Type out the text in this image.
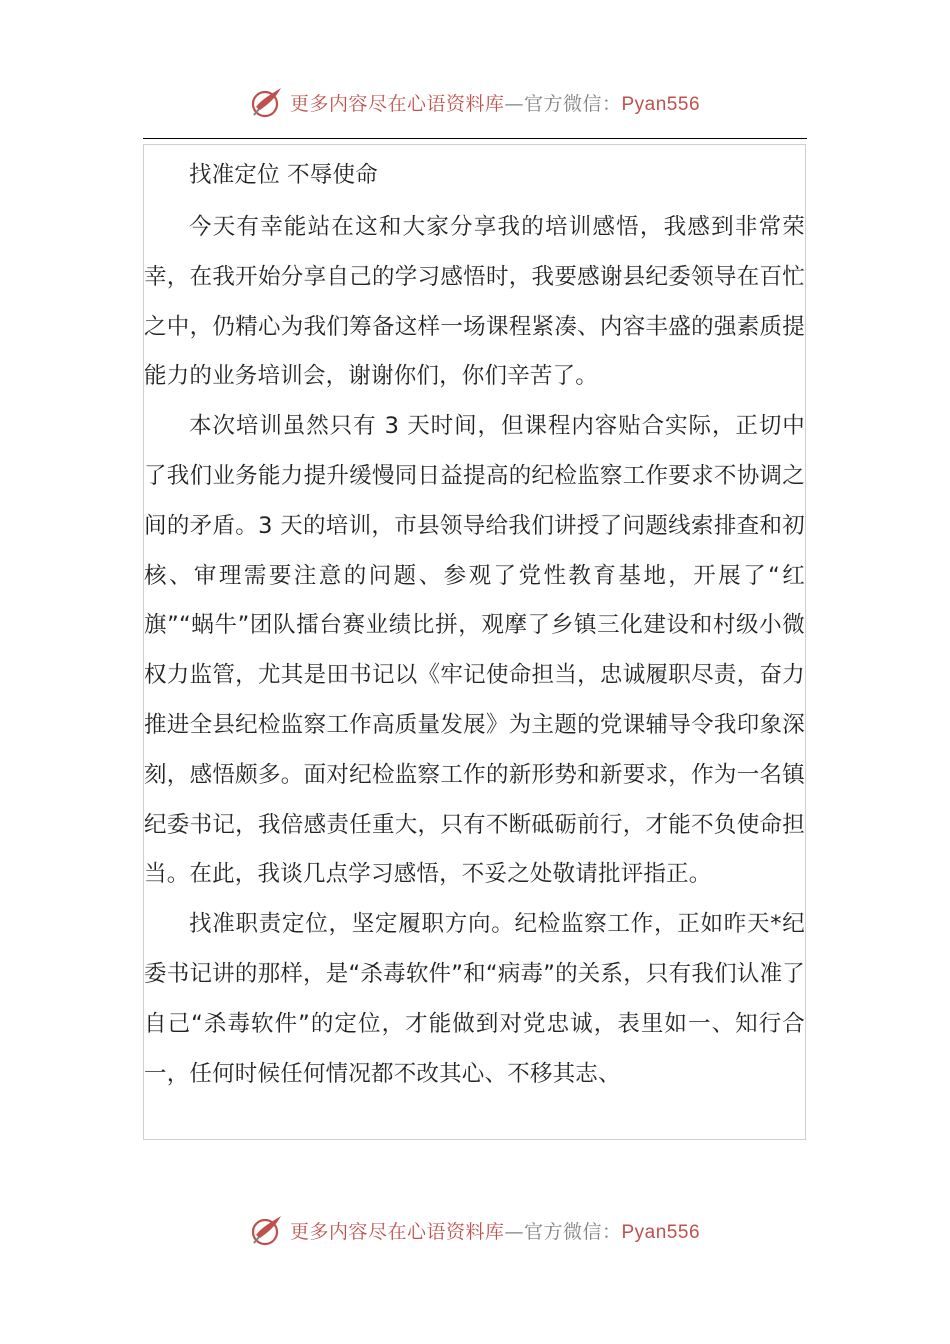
更多内容尽在心语资料库—官方微信：Pyan556

找准定位 不辱使命

今天有幸能站在这和大家分享我的培训感悟，我感到非常荣幸，在我开始分享自己的学习感悟时，我要感谢县纪委领导在百忙之中，仍精心为我们筹备这样一场课程紧凑、内容丰盛的强素质提能力的业务培训会，谢谢你们，你们辛苦了。

本次培训虽然只有 3 天时间，但课程内容贴合实际，正切中了我们业务能力提升缓慢同日益提高的纪检监察工作要求不协调之间的矛盾。3 天的培训，市县领导给我们讲授了问题线索排查和初核、审理需要注意的问题、参观了党性教育基地，开展了“红旗”“蜗牛”团队擂台赛业绩比拼，观摩了乡镇三化建设和村级小微权力监管，尤其是田书记以《牢记使命担当，忠诚履职尽责，奋力推进全县纪检监察工作高质量发展》为主题的党课辅导令我印象深刻，感悟颇多。面对纪检监察工作的新形势和新要求，作为一名镇纪委书记，我倍感责任重大，只有不断砥砺前行，才能不负使命担当。在此，我谈几点学习感悟，不妥之处敬请批评指正。

找准职责定位，坚定履职方向。纪检监察工作，正如昨天*纪委书记讲的那样，是“杀毒软件”和“病毒”的关系，只有我们认准了自己“杀毒软件”的定位，才能做到对党忠诚，表里如一、知行合一，任何时候任何情况都不改其心、不移其志、

更多内容尽在心语资料库—官方微信：Pyan556
